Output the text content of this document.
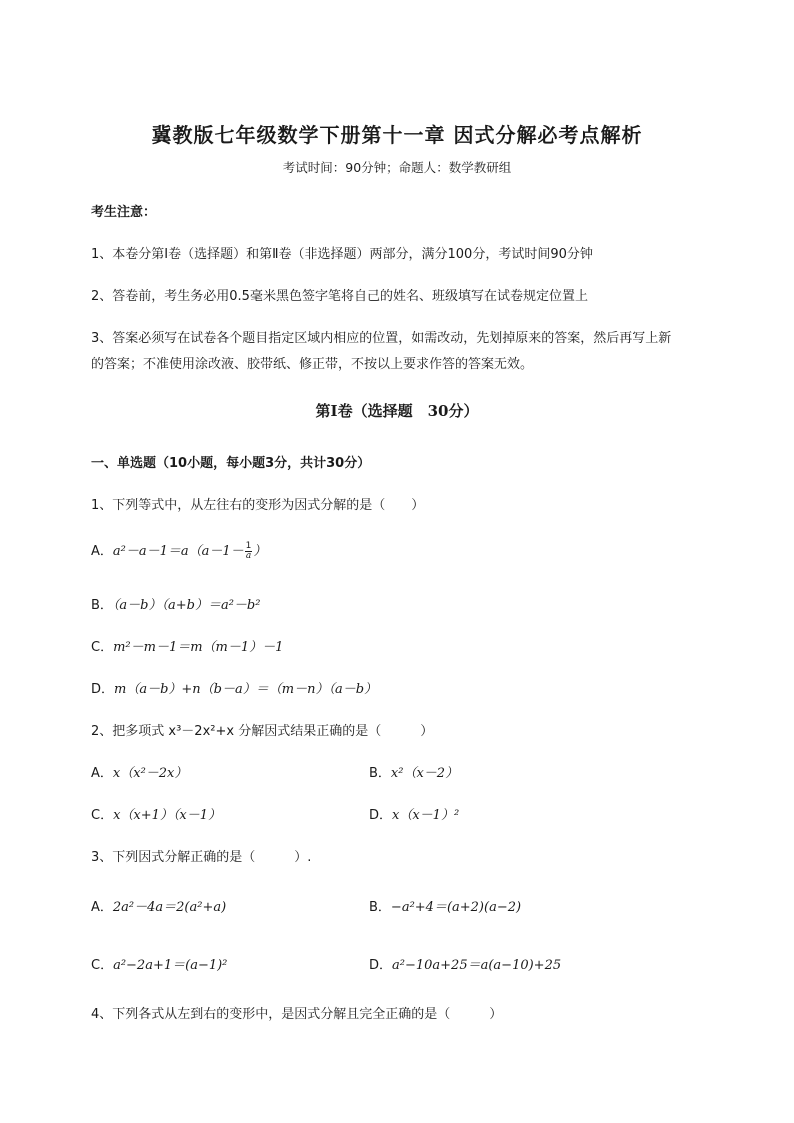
冀教版七年级数学下册第十一章 因式分解必考点解析
考试时间：90分钟；命题人：数学教研组
考生注意：
1、本卷分第I卷（选择题）和第Ⅱ卷（非选择题）两部分，满分100分，考试时间90分钟
2、答卷前，考生务必用0.5毫米黑色签字笔将自己的姓名、班级填写在试卷规定位置上
3、答案必须写在试卷各个题目指定区域内相应的位置，如需改动，先划掉原来的答案，然后再写上新
的答案；不准使用涂改液、胶带纸、修正带，不按以上要求作答的答案无效。
第I卷（选择题　30分）
一、单选题（10小题，每小题3分，共计30分）
1、下列等式中，从左往右的变形为因式分解的是（　　）
A．$a^2-a-1=a(a-1- \frac{1}{a}$ ）
B．（a－b）（a+b）＝a²－b²
C．m²－m－1＝m（m－1）－1
D．m（a－b）+n（b－a）＝（m－n）（a－b）
2、把多项式 x³－2x²+x 分解因式结果正确的是（　　　）
A．x（x²－2x）	B．x²（x－2）
C．x（x+1）（x－1）	D．x（x－1）²
3、下列因式分解正确的是（　　　）.
A．2a²－4a＝2(a²+a)	B．−a²+4＝(a+2)(a−2)
C．a²−2a+1＝(a−1)²	D．a²−10a+25＝a(a−10)+25
4、下列各式从左到右的变形中，是因式分解且完全正确的是（　　　）
